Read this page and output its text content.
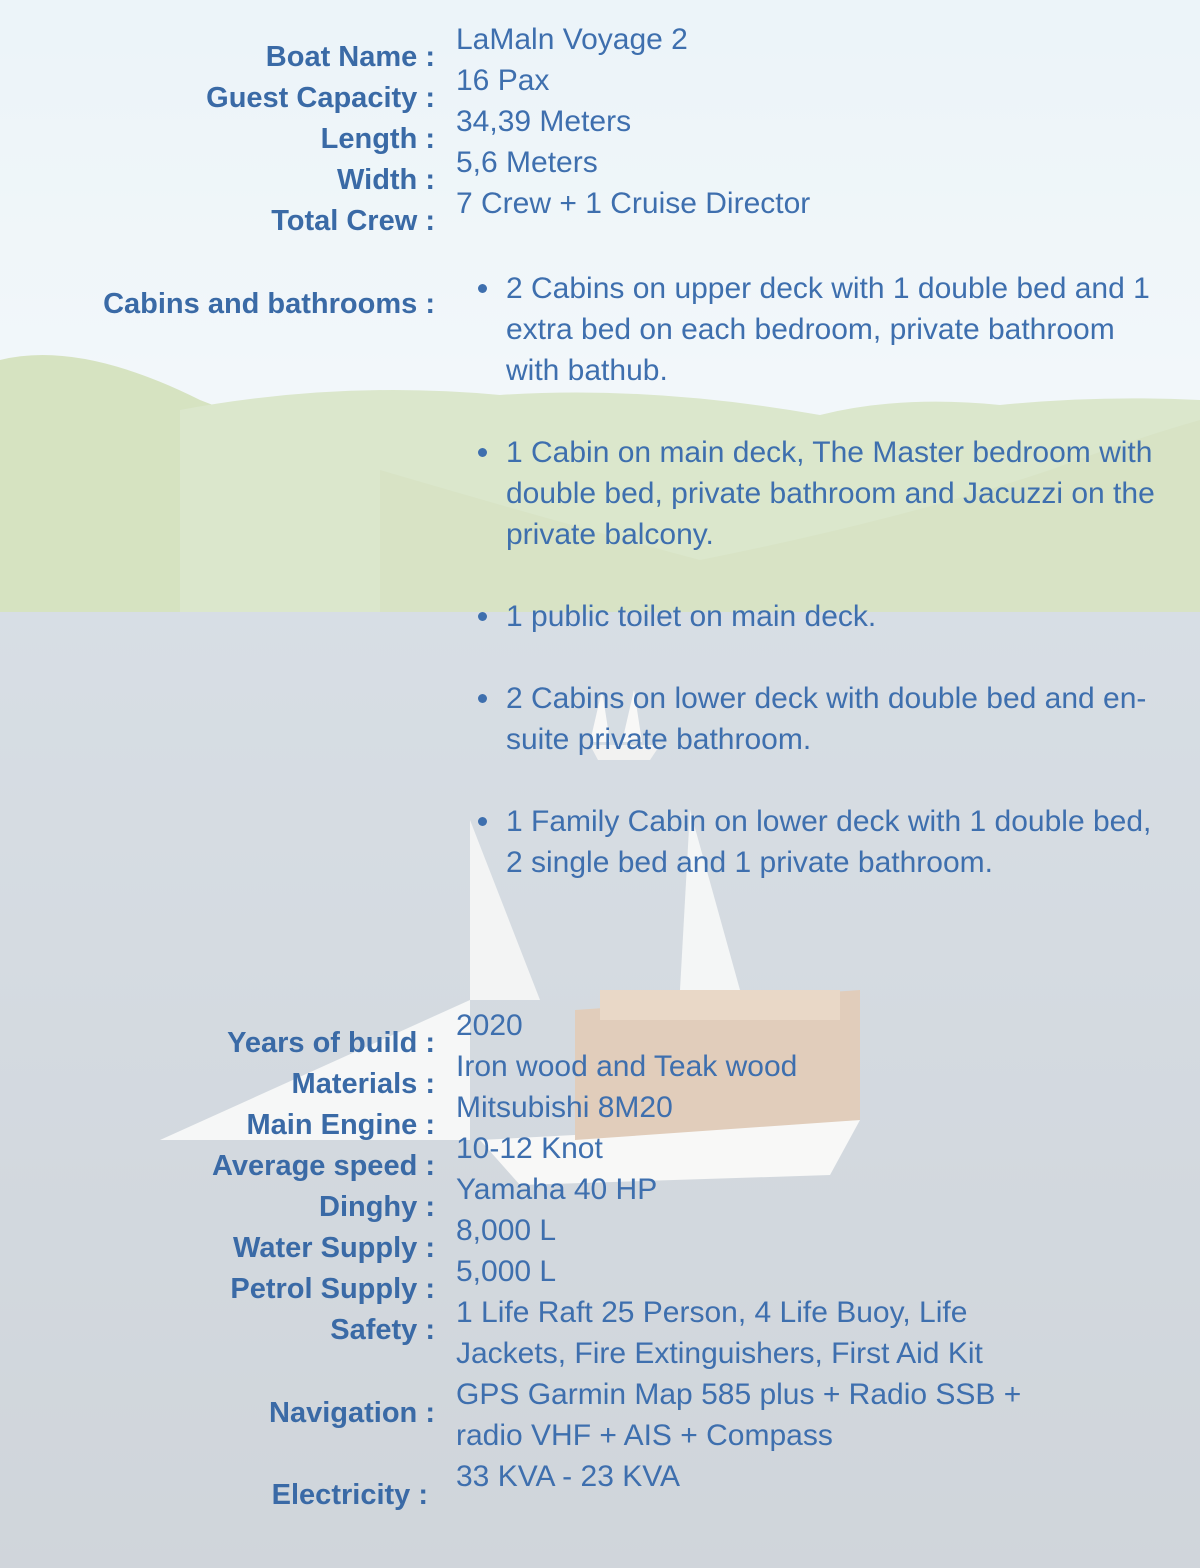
Boat Name :
LaMaln Voyage 2
Guest Capacity :
16 Pax
Length :
34,39 Meters
Width :
5,6 Meters
Total Crew :
7 Crew + 1 Cruise Director
Cabins and bathrooms :	2 Cabins on upper deck with 1 double bed and 1 extra bed on each bedroom, private bathroom with bathub.
1 Cabin on main deck, The Master bedroom with double bed, private bathroom and Jacuzzi on the private balcony.
1 public toilet on main deck.
2 Cabins on lower deck with double bed and en-suite private bathroom.
1 Family Cabin on lower deck with 1 double bed, 2 single bed and 1 private bathroom.
Years of build :
2020
Materials :
Iron wood and Teak wood
Main Engine :
Mitsubishi 8M20
Average speed :
10-12 Knot
Dinghy :
Yamaha 40 HP
Water Supply :
8,000 L
Petrol Supply :
5,000 L
Safety :
1 Life Raft 25 Person, 4 Life Buoy, Life
Jackets, Fire Extinguishers, First Aid Kit
Navigation :
GPS Garmin Map 585 plus + Radio SSB +
radio VHF + AIS + Compass
Electricity :
33 KVA - 23 KVA
